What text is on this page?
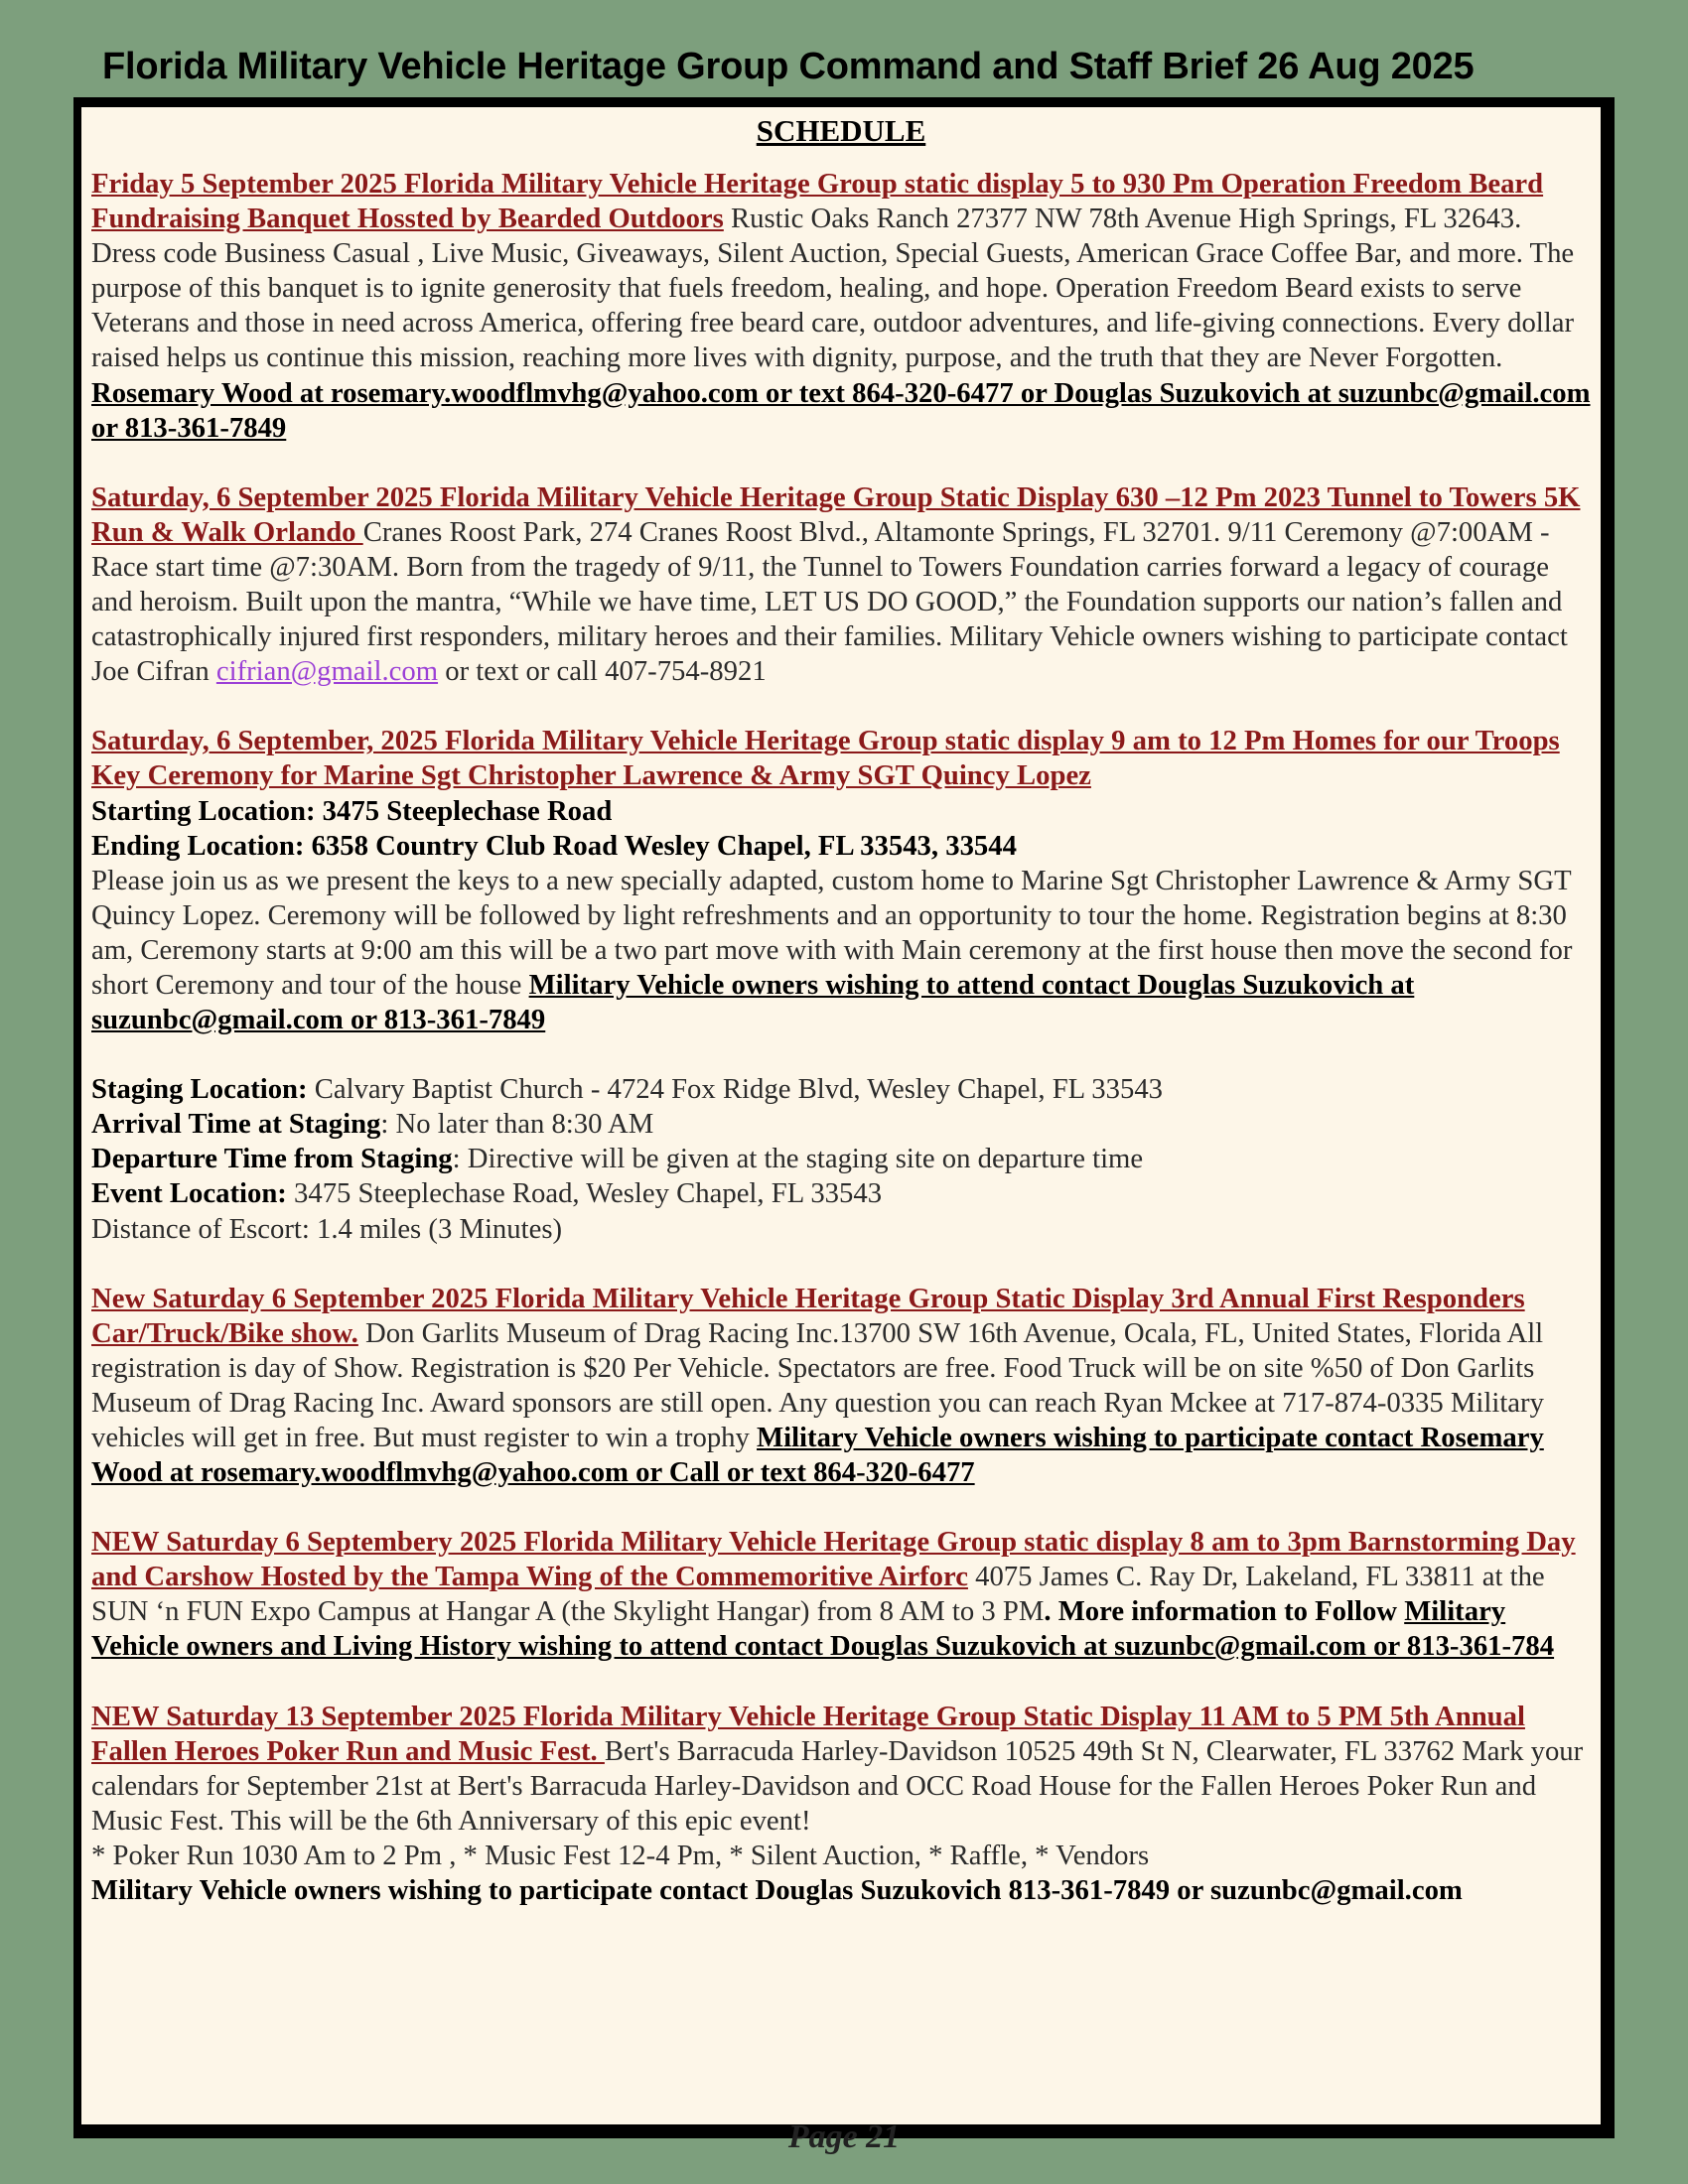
Florida Military Vehicle Heritage Group Command and Staff Brief 26 Aug 2025
SCHEDULE
Friday 5 September 2025 Florida Military Vehicle Heritage Group static display 5 to 930 Pm Operation Freedom Beard Fundraising Banquet Hossted by Bearded Outdoors Rustic Oaks Ranch 27377 NW 78th Avenue High Springs, FL 32643. Dress code Business Casual , Live Music, Giveaways, Silent Auction, Special Guests, American Grace Coffee Bar, and more. The purpose of this banquet is to ignite generosity that fuels freedom, healing, and hope. Operation Freedom Beard exists to serve Veterans and those in need across America, offering free beard care, outdoor adventures, and life-giving connections. Every dollar raised helps us continue this mission, reaching more lives with dignity, purpose, and the truth that they are Never Forgotten.
Rosemary Wood at rosemary.woodflmvhg@yahoo.com or text 864-320-6477 or Douglas Suzukovich at suzunbc@gmail.com or 813-361-7849
Saturday, 6 September 2025 Florida Military Vehicle Heritage Group Static Display 630 –12 Pm 2023 Tunnel to Towers 5K Run & Walk Orlando Cranes Roost Park, 274 Cranes Roost Blvd., Altamonte Springs, FL 32701. 9/11 Ceremony @7:00AM - Race start time @7:30AM. Born from the tragedy of 9/11, the Tunnel to Towers Foundation carries forward a legacy of courage and heroism. Built upon the mantra, “While we have time, LET US DO GOOD,” the Foundation supports our nation’s fallen and catastrophically injured first responders, military heroes and their families. Military Vehicle owners wishing to participate contact Joe Cifran cifrian@gmail.com or text or call 407-754-8921
Saturday, 6 September, 2025 Florida Military Vehicle Heritage Group static display 9 am to 12 Pm Homes for our Troops Key Ceremony for Marine Sgt Christopher Lawrence & Army SGT Quincy Lopez
Starting Location: 3475 Steeplechase Road
Ending Location: 6358 Country Club Road Wesley Chapel, FL 33543, 33544
Please join us as we present the keys to a new specially adapted, custom home to Marine Sgt Christopher Lawrence & Army SGT Quincy Lopez. Ceremony will be followed by light refreshments and an opportunity to tour the home. Registration begins at 8:30 am, Ceremony starts at 9:00 am this will be a two part move with with Main ceremony at the first house then move the second for short Ceremony and tour of the house Military Vehicle owners wishing to attend contact Douglas Suzukovich at suzunbc@gmail.com or 813-361-7849
Staging Location: Calvary Baptist Church - 4724 Fox Ridge Blvd, Wesley Chapel, FL 33543
Arrival Time at Staging: No later than 8:30 AM
Departure Time from Staging: Directive will be given at the staging site on departure time
Event Location: 3475 Steeplechase Road, Wesley Chapel, FL 33543
Distance of Escort: 1.4 miles (3 Minutes)
New Saturday 6 September 2025 Florida Military Vehicle Heritage Group Static Display 3rd Annual First Responders Car/Truck/Bike show. Don Garlits Museum of Drag Racing Inc.13700 SW 16th Avenue, Ocala, FL, United States, Florida All registration is day of Show. Registration is $20 Per Vehicle. Spectators are free. Food Truck will be on site %50 of Don Garlits Museum of Drag Racing Inc. Award sponsors are still open. Any question you can reach Ryan Mckee at 717-874-0335 Military vehicles will get in free. But must register to win a trophy Military Vehicle owners wishing to participate contact Rosemary Wood at rosemary.woodflmvhg@yahoo.com or Call or text 864-320-6477
NEW Saturday 6 Septembery 2025 Florida Military Vehicle Heritage Group static display 8 am to 3pm Barnstorming Day and Carshow Hosted by the Tampa Wing of the Commemoritive Airforc 4075 James C. Ray Dr, Lakeland, FL 33811 at the SUN ‘n FUN Expo Campus at Hangar A (the Skylight Hangar) from 8 AM to 3 PM. More information to Follow Military Vehicle owners and Living History wishing to attend contact Douglas Suzukovich at suzunbc@gmail.com or 813-361-784
NEW Saturday 13 September 2025 Florida Military Vehicle Heritage Group Static Display 11 AM to 5 PM 5th Annual Fallen Heroes Poker Run and Music Fest. Bert's Barracuda Harley-Davidson 10525 49th St N, Clearwater, FL 33762 Mark your calendars for September 21st at Bert's Barracuda Harley-Davidson and OCC Road House for the Fallen Heroes Poker Run and Music Fest. This will be the 6th Anniversary of this epic event!
* Poker Run 1030 Am to 2 Pm , * Music Fest 12-4 Pm, * Silent Auction, * Raffle, * Vendors
Military Vehicle owners wishing to participate contact Douglas Suzukovich 813-361-7849 or suzunbc@gmail.com
Page 21
